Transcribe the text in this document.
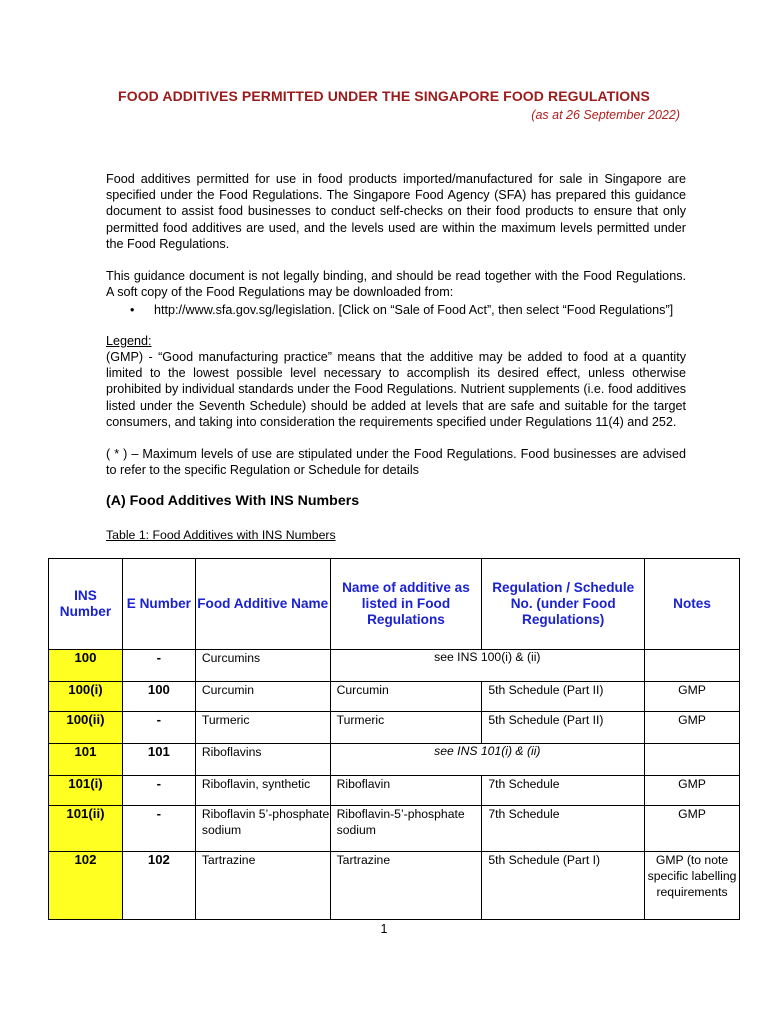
FOOD ADDITIVES PERMITTED UNDER THE SINGAPORE FOOD REGULATIONS
(as at 26 September 2022)

Food additives permitted for use in food products imported/manufactured for sale in Singapore are specified under the Food Regulations. The Singapore Food Agency (SFA) has prepared this guidance document to assist food businesses to conduct self-checks on their food products to ensure that only permitted food additives are used, and the levels used are within the maximum levels permitted under the Food Regulations.

This guidance document is not legally binding, and should be read together with the Food Regulations. A soft copy of the Food Regulations may be downloaded from:

• http://www.sfa.gov.sg/legislation. [Click on “Sale of Food Act”, then select “Food Regulations”]
Legend:

(GMP) - “Good manufacturing practice” means that the additive may be added to food at a quantity limited to the lowest possible level necessary to accomplish its desired effect, unless otherwise prohibited by individual standards under the Food Regulations. Nutrient supplements (i.e. food additives listed under the Seventh Schedule) should be added at levels that are safe and suitable for the target consumers, and taking into consideration the requirements specified under Regulations 11(4) and 252.

( * ) – Maximum levels of use are stipulated under the Food Regulations. Food businesses are advised to refer to the specific Regulation or Schedule for details

(A) Food Additives With INS Numbers
Table 1: Food Additives with INS Numbers
INS Number	E Number	Food Additive Name	Name of additive as listed in Food Regulations	Regulation / Schedule No. (under Food Regulations)	Notes
100	-	Curcumins	see INS 100(i) & (ii)		
100(i)	100	Curcumin	Curcumin	5th Schedule (Part II)	GMP
100(ii)	-	Turmeric	Turmeric	5th Schedule (Part II)	GMP
101	101	Riboflavins	see INS 101(i) & (ii)		
101(i)	-	Riboflavin, synthetic	Riboflavin	7th Schedule	GMP
101(ii)	-	Riboflavin 5’-phosphate sodium	Riboflavin-5’-phosphate sodium	7th Schedule	GMP
102	102	Tartrazine	Tartrazine	5th Schedule (Part I)	GMP (to note specific labelling requirements
1
